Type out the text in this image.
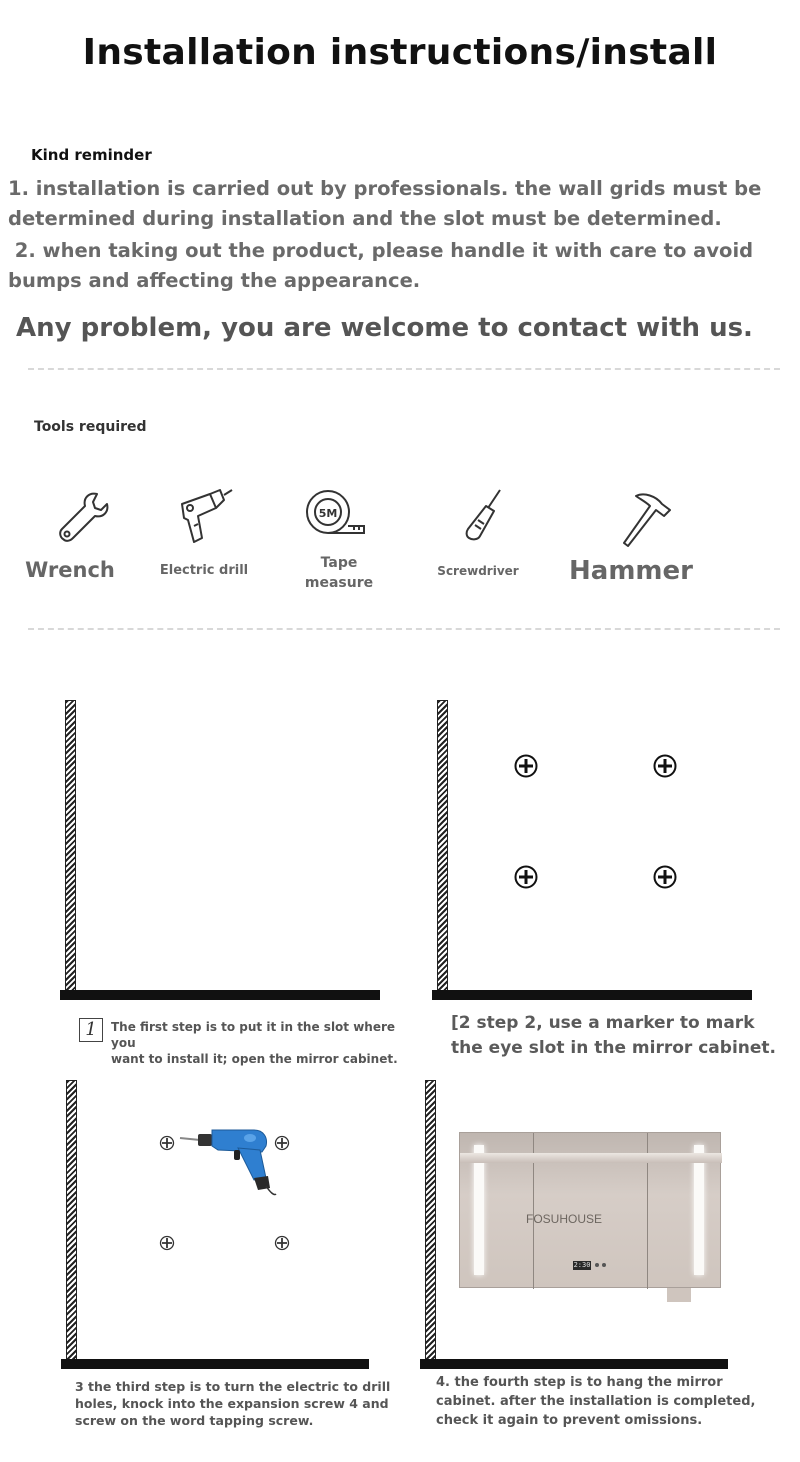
Installation instructions/install
Kind reminder
1. installation is carried out by professionals. the wall grids must be
determined during installation and the slot must be determined.
2. when taking out the product, please handle it with care to avoid
bumps and affecting the appearance.
Any problem, you are welcome to contact with us.
Tools required
Wrench	Electric drill
5M
Tape
measure
Screwdriver	Hammer
1	The first step is to put it in the slot where you
want to install it; open the mirror cabinet.
[2 step 2, use a marker to mark
the eye slot in the mirror cabinet.
3 the third step is to turn the electric to drill
holes, knock into the expansion screw 4 and
screw on the word tapping screw.
FOSUHOUSE
2:30
4. the fourth step is to hang the mirror
cabinet. after the installation is completed,
check it again to prevent omissions.
